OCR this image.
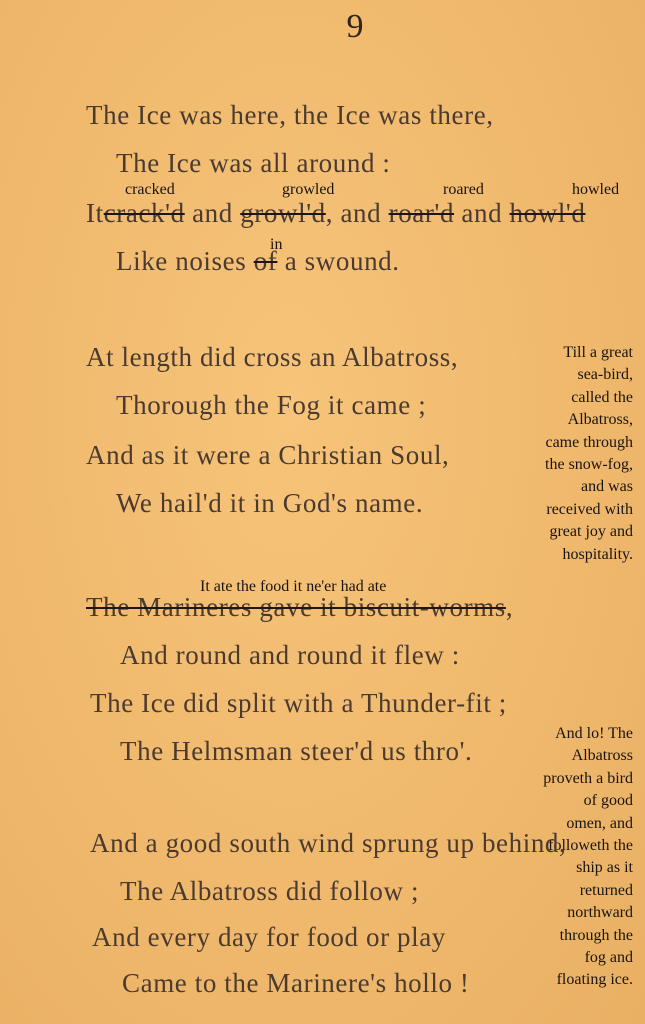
9
The Ice was here, the Ice was there,
The Ice was all around :
cracked	growled	roared	howled
Itcrack'd and growl'd, and roar'd and howl'd
in
Like noises of a swound.
At length did cross an Albatross,
Thorough the Fog it came ;
And as it were a Christian Soul,
We hail'd it in God's name.
Till a great
sea-bird,
called the
Albatross,
came through
the snow-fog,
and was
received with
great joy and
hospitality.
It ate the food it ne'er had ate
The Marineres gave it biscuit-worms,
And round and round it flew :
The Ice did split with a Thunder-fit ;
The Helmsman steer'd us thro'.
And lo! The
Albatross
proveth a bird
of good
omen, and
followeth the
ship as it
returned
northward
through the
fog and
floating ice.
And a good south wind sprung up behind,
The Albatross did follow ;
And every day for food or play
Came to the Marinere's hollo !
